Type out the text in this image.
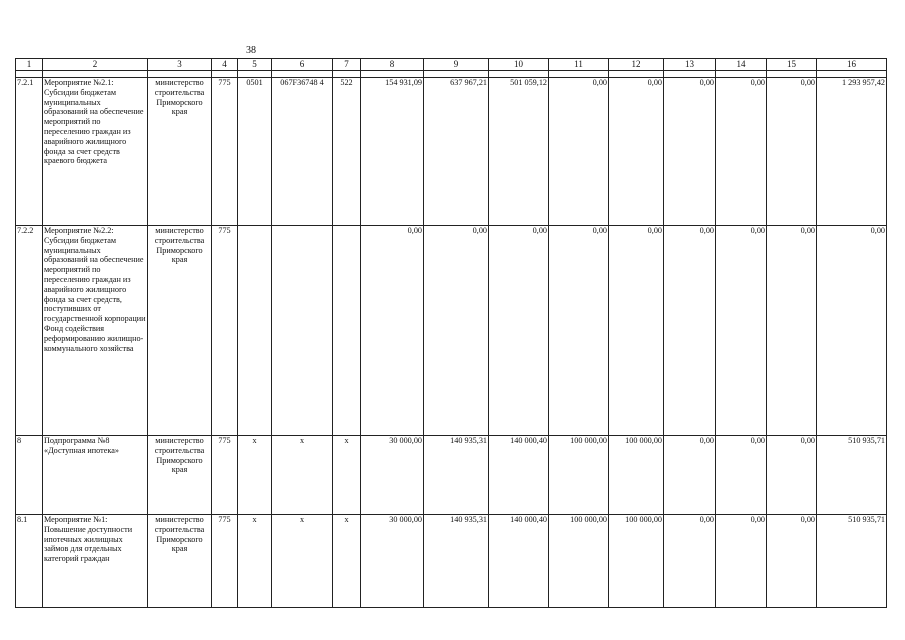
38
1	2	3	4	5	6	7	8	9	10	11	12	13	14	15	16

7.2.1	Мероприятие №2.1: Субсидии бюджетам муниципальных образований на обеспечение мероприятий по переселению граждан из аварийного жилищного фонда за счет средств краевого бюджета	министерство строительства Приморского края	775	0501	067F36748 4	522	154 931,09	637 967,21	501 059,12	0,00	0,00	0,00	0,00	0,00	1 293 957,42
7.2.2	Мероприятие №2.2: Субсидии бюджетам муниципальных образований на обеспечение мероприятий по переселению граждан из аварийного жилищного фонда за счет средств, поступивших от государственной корпорации Фонд содействия реформированию жилищно-коммунального хозяйства	министерство строительства Приморского края	775				0,00	0,00	0,00	0,00	0,00	0,00	0,00	0,00	0,00
8	Подпрограмма №8 «Доступная ипотека»	министерство строительства Приморского края	775	x	x	x	30 000,00	140 935,31	140 000,40	100 000,00	100 000,00	0,00	0,00	0,00	510 935,71
8.1	Мероприятие №1: Повышение доступности ипотечных жилищных займов для отдельных категорий граждан	министерство строительства Приморского края	775	x	x	x	30 000,00	140 935,31	140 000,40	100 000,00	100 000,00	0,00	0,00	0,00	510 935,71
